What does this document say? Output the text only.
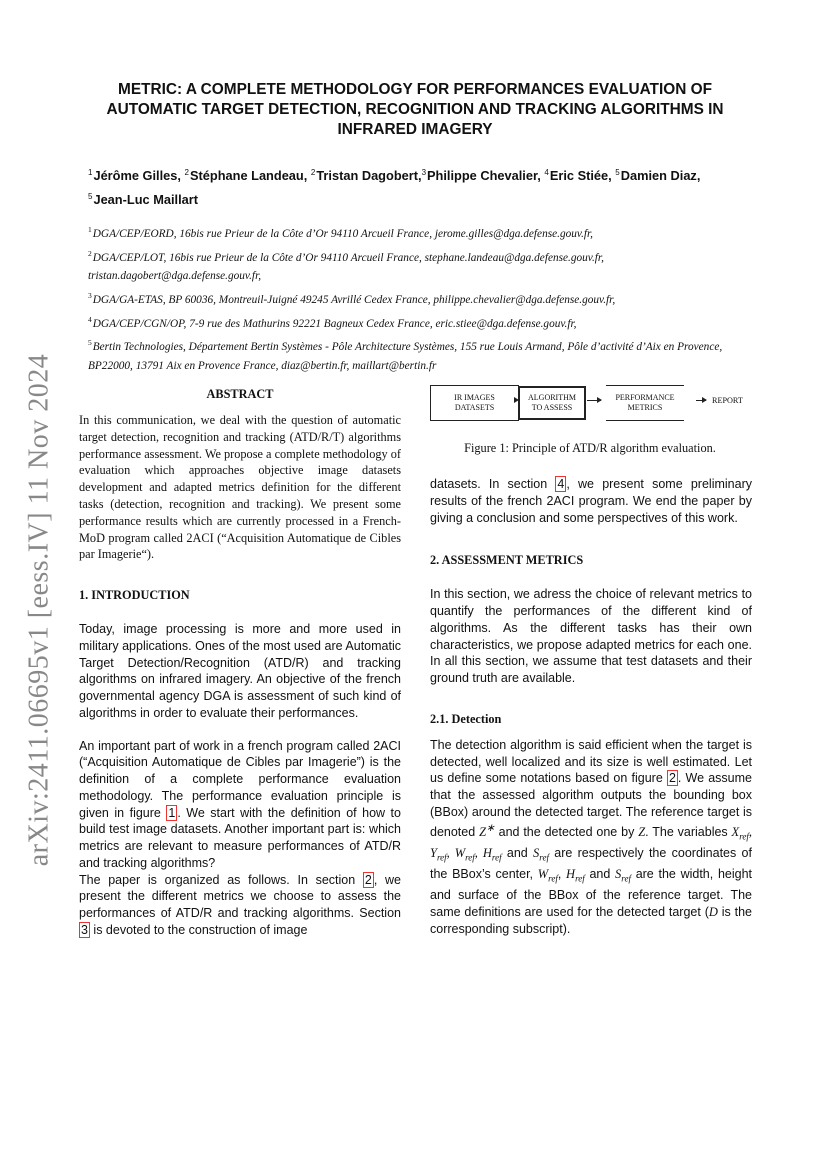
arXiv:2411.06695v1 [eess.IV] 11 Nov 2024
METRIC: A COMPLETE METHODOLOGY FOR PERFORMANCES EVALUATION OF
AUTOMATIC TARGET DETECTION, RECOGNITION AND TRACKING ALGORITHMS IN
INFRARED IMAGERY
$^1$Jérôme Gilles, $^2$Stéphane Landeau, $^2$Tristan Dagobert,$^3$Philippe Chevalier, $^4$Eric Stiée, $^5$Damien Diaz,
$^5$Jean-Luc Maillart

$^1$DGA/CEP/EORD, 16bis rue Prieur de la Côte d’Or 94110 Arcueil France, jerome.gilles@dga.defense.gouv.fr,

$^2$DGA/CEP/LOT, 16bis rue Prieur de la Côte d’Or 94110 Arcueil France, stephane.landeau@dga.defense.gouv.fr, tristan.dagobert@dga.defense.gouv.fr,

$^3$DGA/GA-ETAS, BP 60036, Montreuil-Juigné 49245 Avrillé Cedex France, philippe.chevalier@dga.defense.gouv.fr,

$^4$DGA/CEP/CGN/OP, 7-9 rue des Mathurins 92221 Bagneux Cedex France, eric.stiee@dga.defense.gouv.fr,

$^5$Bertin Technologies, Département Bertin Systèmes - Pôle Architecture Systèmes, 155 rue Louis Armand, Pôle d’activité d’Aix en Provence, BP22000, 13791 Aix en Provence France, diaz@bertin.fr, maillart@bertin.fr

ABSTRACT

In this communication, we deal with the question of automatic target detection, recognition and tracking (ATD/R/T) algorithms performance assessment. We propose a complete methodology of evaluation which approaches objective image datasets development and adapted metrics definition for the different tasks (detection, recognition and tracking). We present some performance results which are currently processed in a French-MoD program called 2ACI (“Acquisition Automatique de Cibles par Imagerie“).

1. INTRODUCTION

Today, image processing is more and more used in military applications. Ones of the most used are Automatic Target Detection/Recognition (ATD/R) and tracking algorithms on infrared imagery. An objective of the french governmental agency DGA is assessment of such kind of algorithms in order to evaluate their performances.

An important part of work in a french program called 2ACI (“Acquisition Automatique de Cibles par Imagerie”) is the definition of a complete performance evaluation methodology. The performance evaluation principle is given in figure 1 . We start with the definition of how to build test image datasets. Another important part is: which metrics are relevant to measure performances of ATD/R and tracking algorithms?

The paper is organized as follows. In section 2 , we present the different metrics we choose to assess the performances of ATD/R and tracking algorithms. Section 3 is devoted to the construction of image

IR IMAGES
DATASETS
ALGORITHM
TO ASSESS
PERFORMANCE
METRICS
REPORT

Figure 1: Principle of ATD/R algorithm evaluation.

datasets. In section 4 , we present some preliminary results of the french 2ACI program. We end the paper by giving a conclusion and some perspectives of this work.

2. ASSESSMENT METRICS

In this section, we adress the choice of relevant metrics to quantify the performances of the different kind of algorithms. As the different tasks has their own characteristics, we propose adapted metrics for each one. In all this section, we assume that test datasets and their ground truth are available.

2.1. Detection

The detection algorithm is said efficient when the target is detected, well localized and its size is well estimated. Let us define some notations based on figure 2 . We assume that the assessed algorithm outputs the bounding box (BBox) around the detected target. The reference target is denoted Z∗ and the detected one by Z. The variables $X_{ref}$, $Y_{ref}$, $W_{ref}$, $H_{ref}$ and $S_{ref}$ are respectively the coordinates of the BBox’s center, $W_{ref}$, $H_{ref}$ and $S_{ref}$ are the width, height and surface of the BBox of the reference target. The same definitions are used for the detected target (D is the corresponding subscript).
